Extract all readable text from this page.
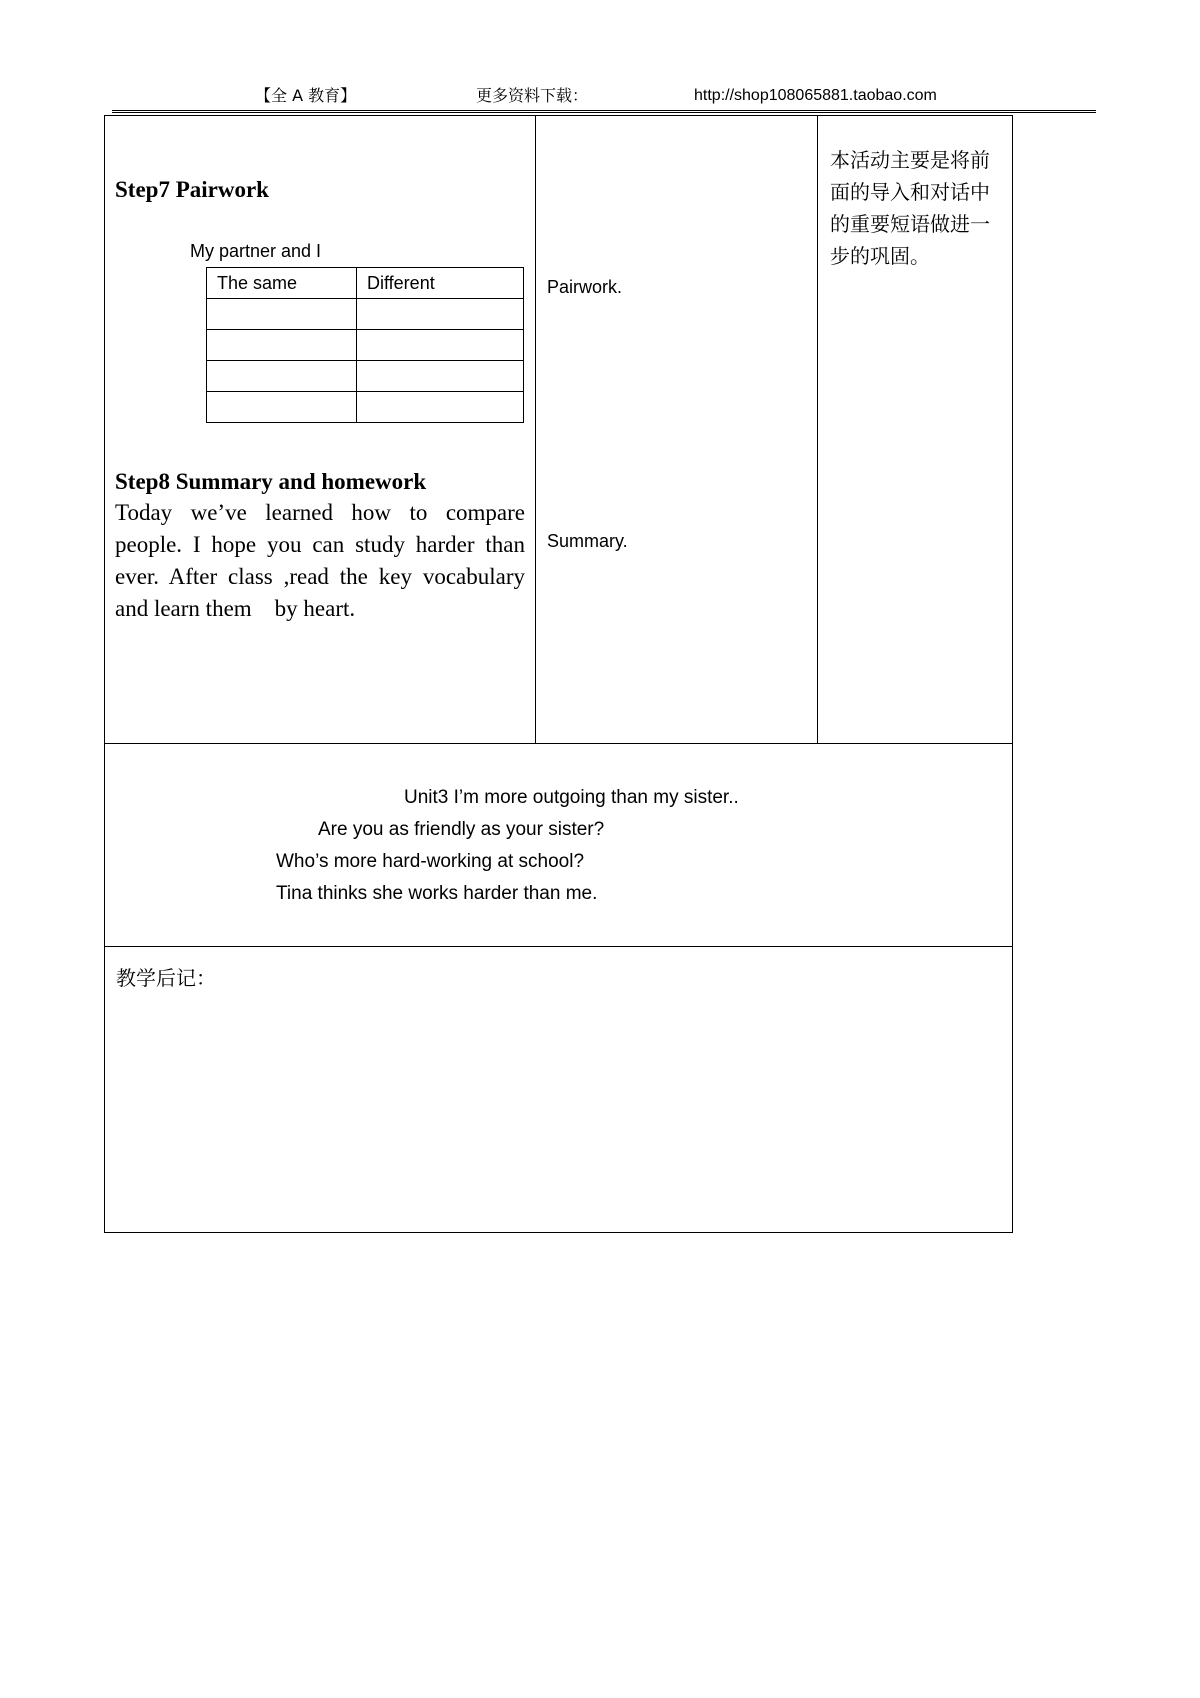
【全 A 教育】	更多资料下载：	http://shop108065881.taobao.com
Step7 Pairwork
My partner and I
The same	Different

Step8 Summary and homework
Today we’ve learned how to compare
people. I hope you can study harder than
ever. After class ,read the key vocabulary
and learn them    by heart.
Pairwork.
Summary.
本活动主要是将前
面的导入和对话中
的重要短语做进一
步的巩固。
Unit3 I’m more outgoing than my sister..
Are you as friendly as your sister?
Who’s more hard-working at school?
Tina thinks she works harder than me.
教学后记：
